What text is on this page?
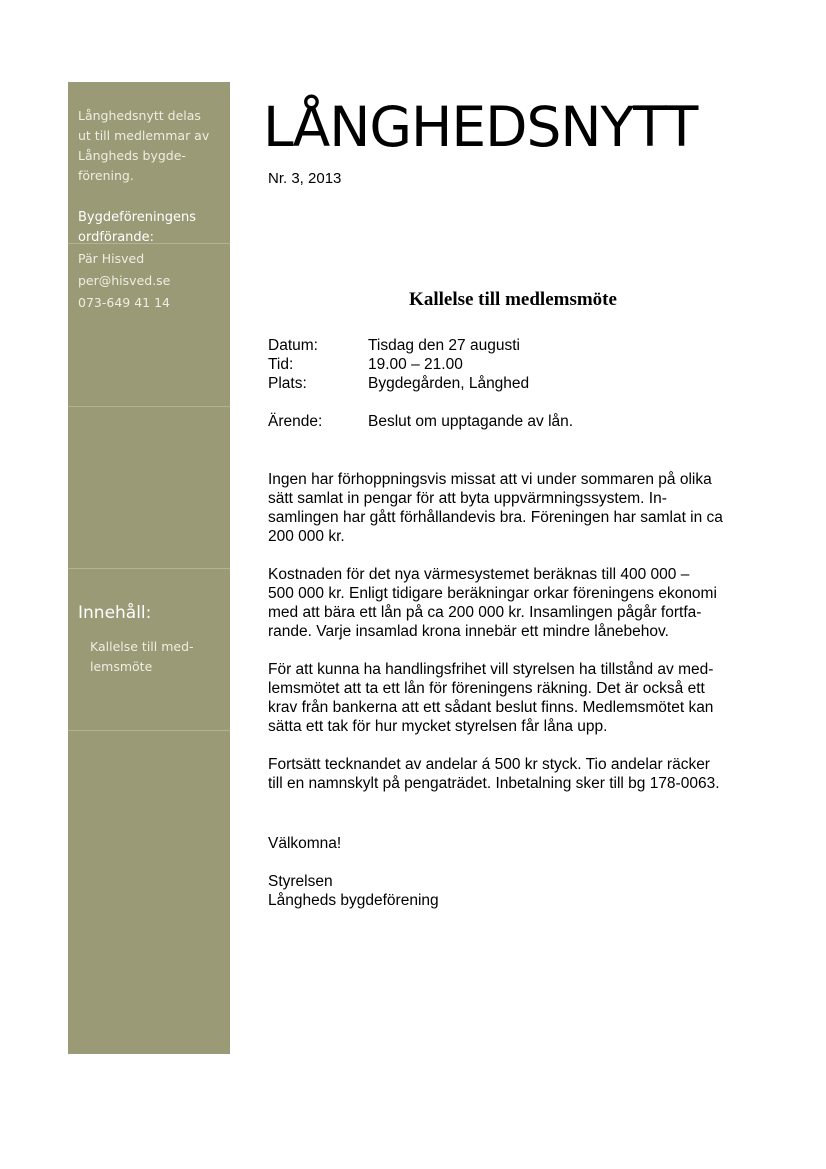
Långhedsnytt delas
ut till medlemmar av
Långheds bygde-
förening.
Bygdeföreningens
ordförande:
Pär Hisved
per@hisved.se
073-649 41 14
Innehåll:
Kallelse till med-
lemsmöte
LÅNGHEDSNYTT
Nr. 3, 2013
Kallelse till medlemsmöte
Datum:	Tisdag den 27 augusti
Tid:	19.00 – 21.00
Plats:	Bygdegården, Långhed
Ärende:	Beslut om upptagande av lån.

Ingen har förhoppningsvis missat att vi under sommaren på olika
sätt samlat in pengar för att byta uppvärmningssystem. In-
samlingen har gått förhållandevis bra. Föreningen har samlat in ca
200 000 kr.

Kostnaden för det nya värmesystemet beräknas till 400 000 –
500 000 kr. Enligt tidigare beräkningar orkar föreningens ekonomi
med att bära ett lån på ca 200 000 kr. Insamlingen pågår fortfa-
rande. Varje insamlad krona innebär ett mindre lånebehov.

För att kunna ha handlingsfrihet vill styrelsen ha tillstånd av med-
lemsmötet att ta ett lån för föreningens räkning. Det är också ett
krav från bankerna att ett sådant beslut finns. Medlemsmötet kan
sätta ett tak för hur mycket styrelsen får låna upp.

Fortsätt tecknandet av andelar á 500 kr styck. Tio andelar räcker
till en namnskylt på pengaträdet. Inbetalning sker till bg 178-0063.

Välkomna!

Styrelsen
Långheds bygdeförening
